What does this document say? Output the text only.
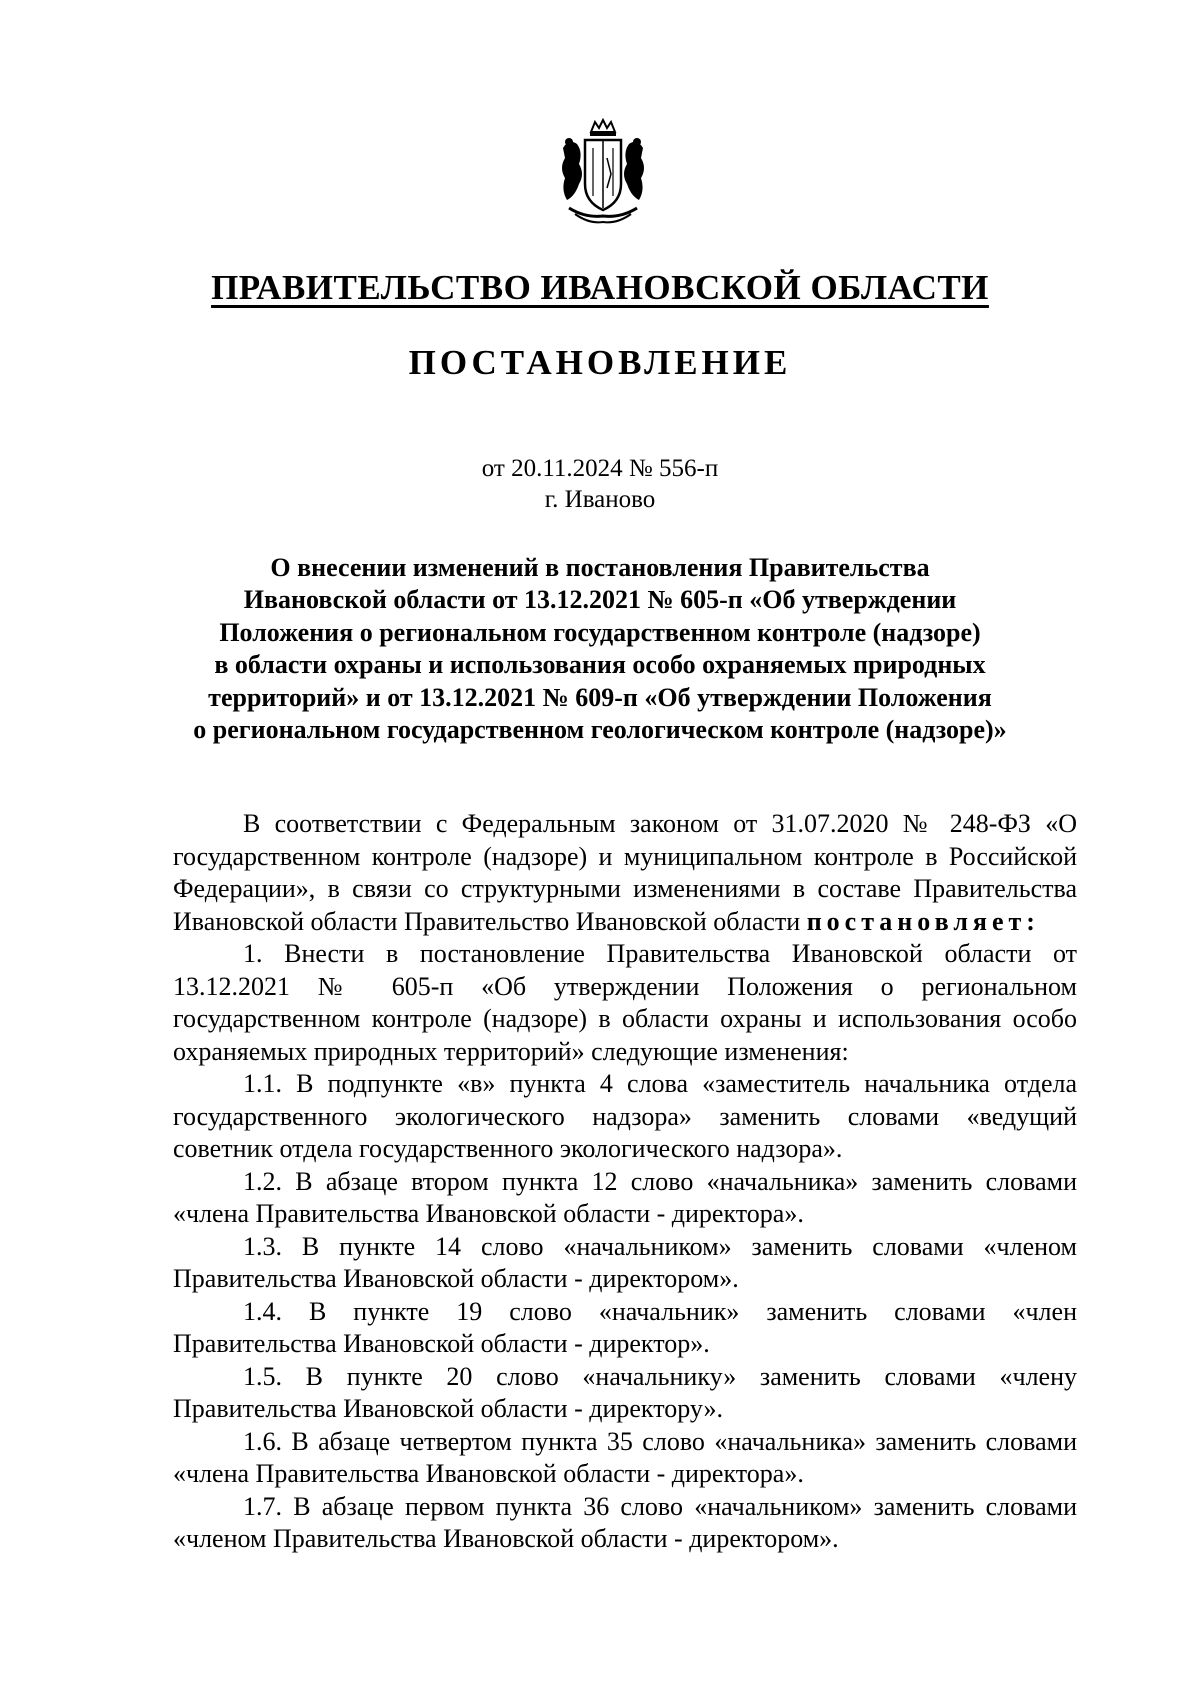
ПРАВИТЕЛЬСТВО ИВАНОВСКОЙ ОБЛАСТИ
ПОСТАНОВЛЕНИЕ
от 20.11.2024 № 556-п
г. Иваново
О внесении изменений в постановления Правительства
Ивановской области от 13.12.2021 № 605-п «Об утверждении
Положения о региональном государственном контроле (надзоре)
в области охраны и использования особо охраняемых природных
территорий» и от 13.12.2021 № 609-п «Об утверждении Положения
о региональном государственном геологическом контроле (надзоре)»

В соответствии с Федеральным законом от 31.07.2020 № 248-ФЗ «О государственном контроле (надзоре) и муниципальном контроле в Российской Федерации», в связи со структурными изменениями в составе Правительства Ивановской области Правительство Ивановской области постановляет:

1. Внести в постановление Правительства Ивановской области от 13.12.2021 № 605-п «Об утверждении Положения о региональном государственном контроле (надзоре) в области охраны и использования особо охраняемых природных территорий» следующие изменения:

1.1. В подпункте «в» пункта 4 слова «заместитель начальника отдела государственного экологического надзора» заменить словами «ведущий советник отдела государственного экологического надзора».

1.2. В абзаце втором пункта 12 слово «начальника» заменить словами «члена Правительства Ивановской области - директора».

1.3. В пункте 14 слово «начальником» заменить словами «членом Правительства Ивановской области - директором».

1.4. В пункте 19 слово «начальник» заменить словами «член Правительства Ивановской области - директор».

1.5. В пункте 20 слово «начальнику» заменить словами «члену Правительства Ивановской области - директору».

1.6. В абзаце четвертом пункта 35 слово «начальника» заменить словами «члена Правительства Ивановской области - директора».

1.7. В абзаце первом пункта 36 слово «начальником» заменить словами «членом Правительства Ивановской области - директором».
